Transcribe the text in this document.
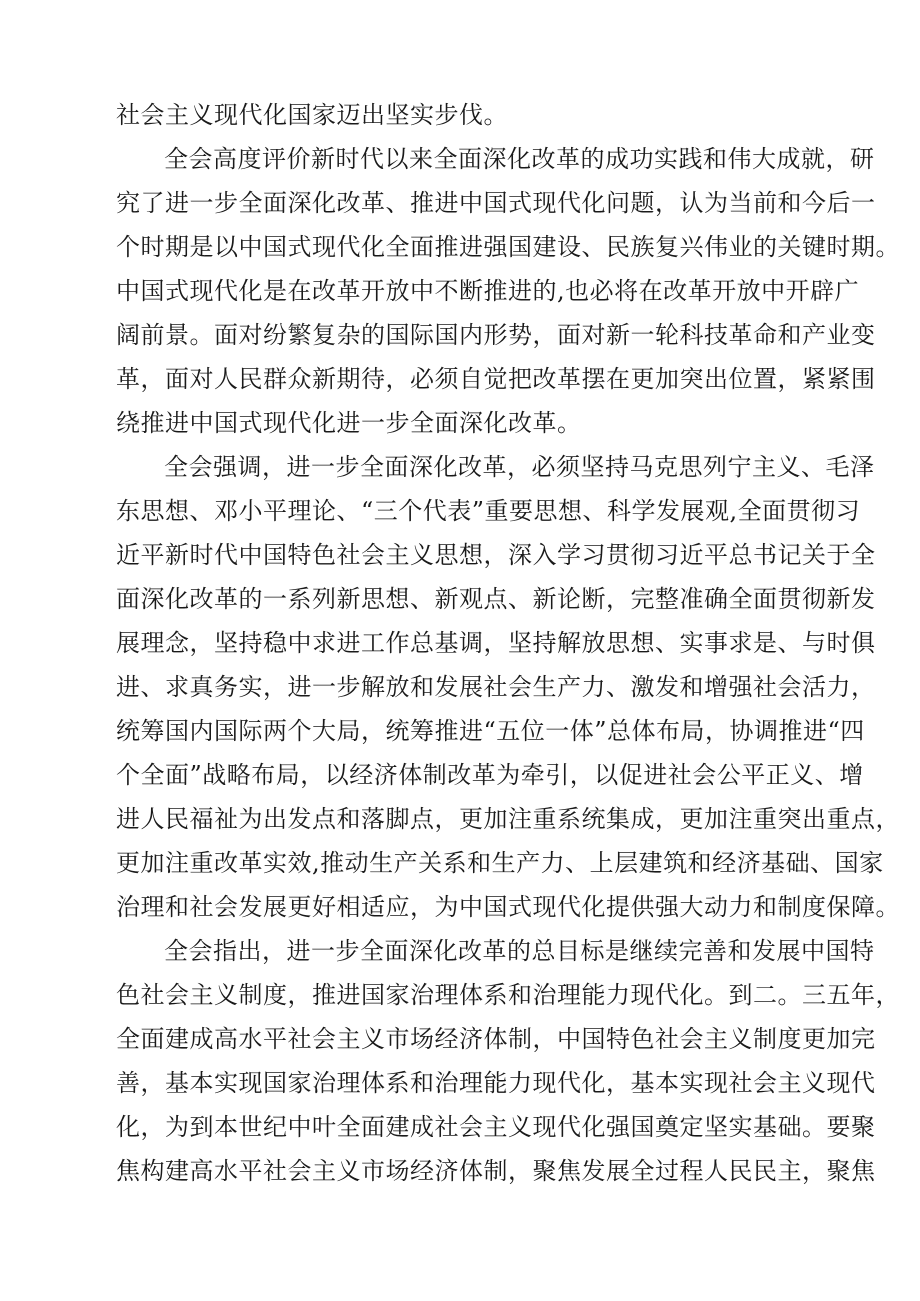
社会主义现代化国家迈出坚实步伐。
全会高度评价新时代以来全面深化改革的成功实践和伟大成就，研
究了进一步全面深化改革、推进中国式现代化问题，认为当前和今后一
个时期是以中国式现代化全面推进强国建设、民族复兴伟业的关键时期。
中国式现代化是在改革开放中不断推进的,也必将在改革开放中开辟广
阔前景。面对纷繁复杂的国际国内形势，面对新一轮科技革命和产业变
革，面对人民群众新期待，必须自觉把改革摆在更加突出位置，紧紧围
绕推进中国式现代化进一步全面深化改革。
全会强调，进一步全面深化改革，必须坚持马克思列宁主义、毛泽
东思想、邓小平理论、“三个代表”重要思想、科学发展观,全面贯彻习
近平新时代中国特色社会主义思想，深入学习贯彻习近平总书记关于全
面深化改革的一系列新思想、新观点、新论断，完整准确全面贯彻新发
展理念，坚持稳中求进工作总基调，坚持解放思想、实事求是、与时俱
进、求真务实，进一步解放和发展社会生产力、激发和增强社会活力，
统筹国内国际两个大局，统筹推进“五位一体”总体布局，协调推进“四
个全面”战略布局，以经济体制改革为牵引，以促进社会公平正义、增
进人民福祉为出发点和落脚点，更加注重系统集成，更加注重突出重点，
更加注重改革实效,推动生产关系和生产力、上层建筑和经济基础、国家
治理和社会发展更好相适应，为中国式现代化提供强大动力和制度保障。
全会指出，进一步全面深化改革的总目标是继续完善和发展中国特
色社会主义制度，推进国家治理体系和治理能力现代化。到二。三五年，
全面建成高水平社会主义市场经济体制，中国特色社会主义制度更加完
善，基本实现国家治理体系和治理能力现代化，基本实现社会主义现代
化，为到本世纪中叶全面建成社会主义现代化强国奠定坚实基础。要聚
焦构建高水平社会主义市场经济体制，聚焦发展全过程人民民主，聚焦
